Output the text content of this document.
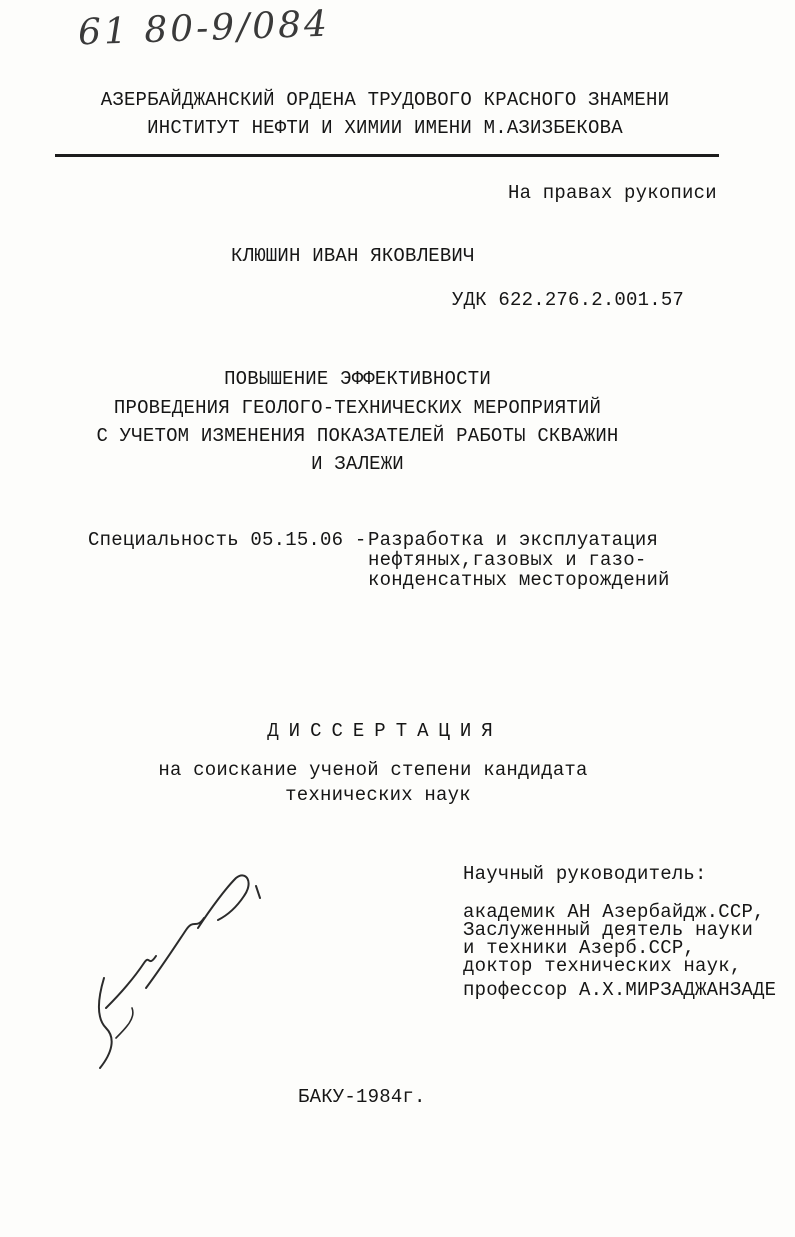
61 80-9/084
АЗЕРБАЙДЖАНСКИЙ ОРДЕНА ТРУДОВОГО КРАСНОГО ЗНАМЕНИ
ИНСТИТУТ НЕФТИ И ХИМИИ ИМЕНИ М.АЗИЗБЕКОВА
На правах рукописи
КЛЮШИН ИВАН ЯКОВЛЕВИЧ
УДК 622.276.2.001.57
ПОВЫШЕНИЕ ЭФФЕКТИВНОСТИ
ПРОВЕДЕНИЯ ГЕОЛОГО-ТЕХНИЧЕСКИХ МЕРОПРИЯТИЙ
С УЧЕТОМ ИЗМЕНЕНИЯ ПОКАЗАТЕЛЕЙ РАБОТЫ СКВАЖИН
И ЗАЛЕЖИ
Специальность 05.15.06 - Разработка и эксплуатация
нефтяных,газовых и газо-
конденсатных месторождений
ДИССЕРТАЦИЯ
на соискание ученой степени кандидата
технических наук
Научный руководитель:
академик АН Азербайдж.ССР,
Заслуженный деятель науки
и техники Азерб.ССР,
доктор технических наук,
профессор А.Х.МИРЗАДЖАНЗАДЕ
БАКУ-1984г.
